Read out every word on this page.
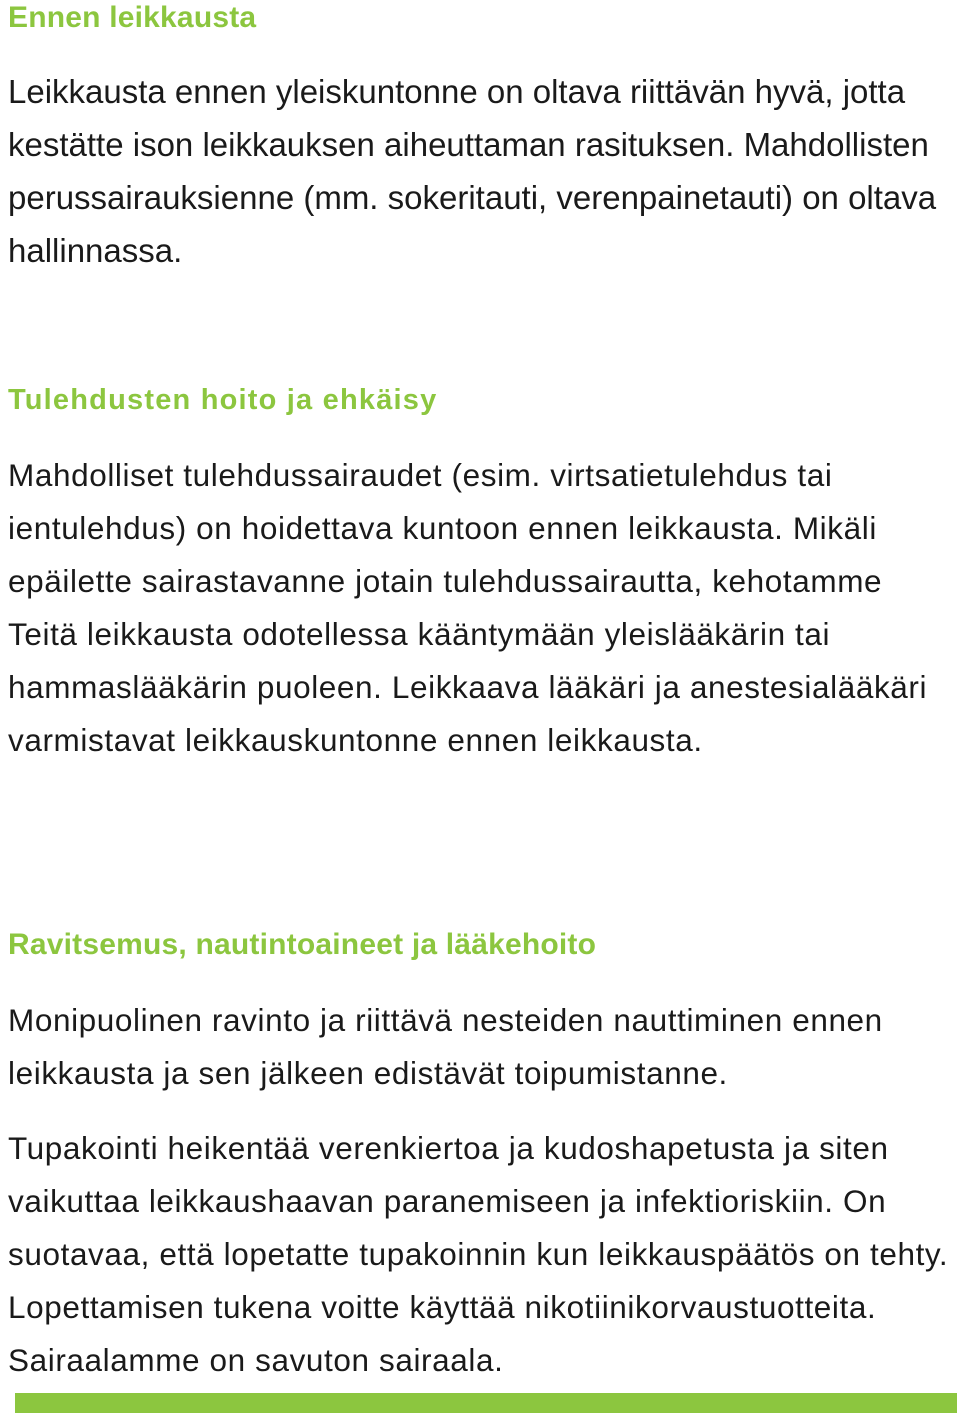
Ennen leikkausta

Leikkausta ennen yleiskuntonne on oltava riittävän hyvä, jotta kestätte ison leikkauksen aiheuttaman rasituksen. Mahdollisten perussairauksienne (mm. sokeritauti, verenpainetauti) on oltava hallinnassa.

Tulehdusten hoito ja ehkäisy

Mahdolliset tulehdussairaudet (esim. virtsatietulehdus tai ientulehdus) on hoidettava kuntoon ennen leikkausta. Mikäli epäilette sairastavanne jotain tulehdussairautta, kehotamme Teitä leikkausta odotellessa kääntymään yleislääkärin tai hammaslääkärin puoleen. Leikkaava lääkäri ja anestesialääkäri varmistavat leikkauskuntonne ennen leikkausta.

Ravitsemus, nautintoaineet ja lääkehoito

Monipuolinen ravinto ja riittävä nesteiden nauttiminen ennen leikkausta ja sen jälkeen edistävät toipumistanne.

Tupakointi heikentää verenkiertoa ja kudoshapetusta ja siten vaikuttaa leikkaushaavan paranemiseen ja infektioriskiin. On suotavaa, että lopetatte tupakoinnin kun leikkauspäätös on tehty. Lopettamisen tukena voitte käyttää nikotiinikorvaustuotteita. Sairaalamme on savuton sairaala.
